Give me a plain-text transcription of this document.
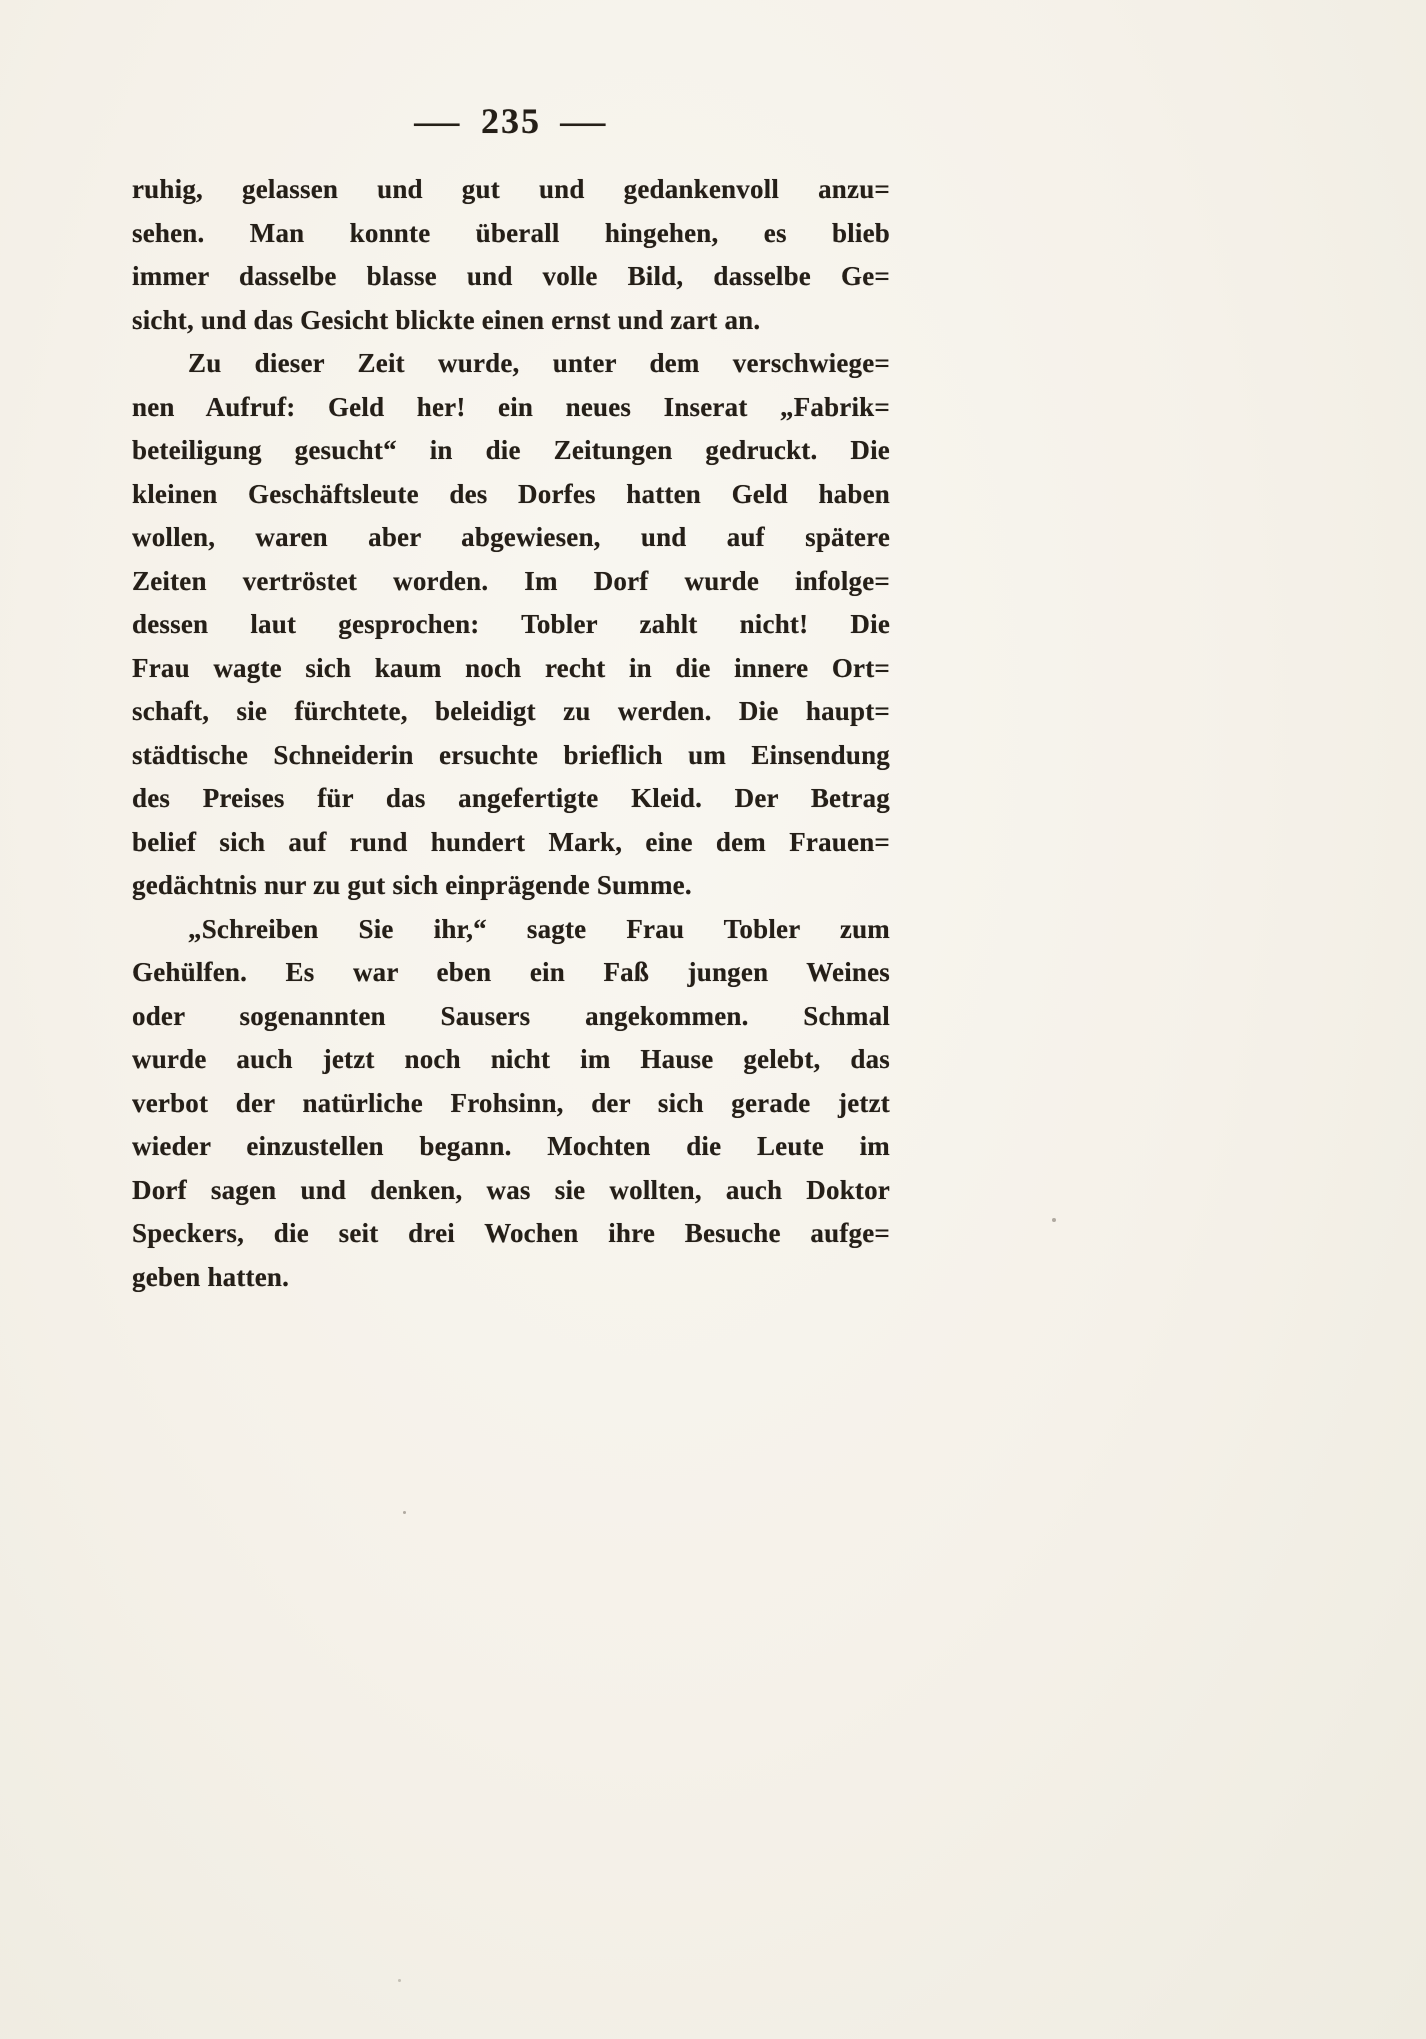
— 235 —
ruhig, gelassen und gut und gedankenvoll anzu=
sehen. Man konnte überall hingehen, es blieb
immer dasselbe blasse und volle Bild, dasselbe Ge=
sicht, und das Gesicht blickte einen ernst und zart an.
Zu dieser Zeit wurde, unter dem verschwiege=
nen Aufruf: Geld her! ein neues Inserat „Fabrik=
beteiligung gesucht“ in die Zeitungen gedruckt. Die
kleinen Geschäftsleute des Dorfes hatten Geld haben
wollen, waren aber abgewiesen, und auf spätere
Zeiten vertröstet worden. Im Dorf wurde infolge=
dessen laut gesprochen: Tobler zahlt nicht! Die
Frau wagte sich kaum noch recht in die innere Ort=
schaft, sie fürchtete, beleidigt zu werden. Die haupt=
städtische Schneiderin ersuchte brieflich um Einsendung
des Preises für das angefertigte Kleid. Der Betrag
belief sich auf rund hundert Mark, eine dem Frauen=
gedächtnis nur zu gut sich einprägende Summe.
„Schreiben Sie ihr,“ sagte Frau Tobler zum
Gehülfen. Es war eben ein Faß jungen Weines
oder sogenannten Sausers angekommen. Schmal
wurde auch jetzt noch nicht im Hause gelebt, das
verbot der natürliche Frohsinn, der sich gerade jetzt
wieder einzustellen begann. Mochten die Leute im
Dorf sagen und denken, was sie wollten, auch Doktor
Speckers, die seit drei Wochen ihre Besuche aufge=
geben hatten.
